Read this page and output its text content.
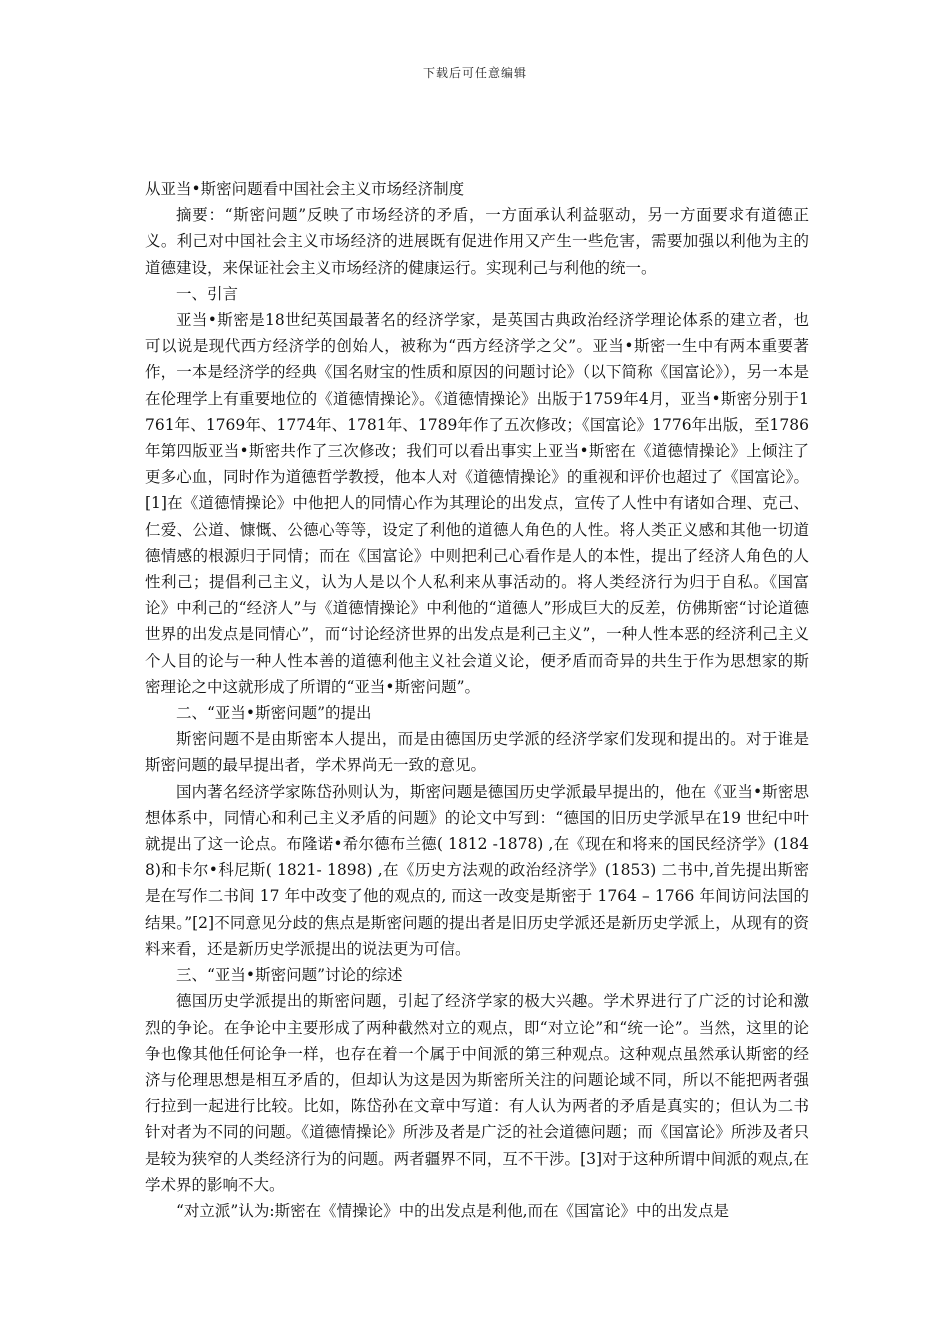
下载后可任意编辑

从亚当•斯密问题看中国社会主义市场经济制度

摘要：“斯密问题”反映了市场经济的矛盾，一方面承认利益驱动，另一方面要求有道德正义。利己对中国社会主义市场经济的进展既有促进作用又产生一些危害，需要加强以利他为主的道德建设，来保证社会主义市场经济的健康运行。实现利己与利他的统一。

一、引言

亚当•斯密是18世纪英国最著名的经济学家，是英国古典政治经济学理论体系的建立者，也可以说是现代西方经济学的创始人，被称为“西方经济学之父”。亚当•斯密一生中有两本重要著作，一本是经济学的经典《国名财宝的性质和原因的问题讨论》（以下简称《国富论》），另一本是在伦理学上有重要地位的《道德情操论》。《道德情操论》出版于1759年4月，亚当•斯密分别于1761年、1769年、1774年、1781年、1789年作了五次修改；《国富论》1776年出版，至1786年第四版亚当•斯密共作了三次修改；我们可以看出事实上亚当•斯密在《道德情操论》上倾注了更多心血，同时作为道德哲学教授，他本人对《道德情操论》的重视和评价也超过了《国富论》。[1]在《道德情操论》中他把人的同情心作为其理论的出发点，宣传了人性中有诸如合理、克己、仁爱、公道、慷慨、公德心等等，设定了利他的道德人角色的人性。将人类正义感和其他一切道德情感的根源归于同情；而在《国富论》中则把利己心看作是人的本性，提出了经济人角色的人性利己；提倡利己主义，认为人是以个人私利来从事活动的。将人类经济行为归于自私。《国富论》中利己的“经济人”与《道德情操论》中利他的“道德人”形成巨大的反差，仿佛斯密“讨论道德世界的出发点是同情心”，而“讨论经济世界的出发点是利己主义”，一种人性本恶的经济利己主义个人目的论与一种人性本善的道德利他主义社会道义论，便矛盾而奇异的共生于作为思想家的斯密理论之中这就形成了所谓的“亚当•斯密问题”。

二、“亚当•斯密问题”的提出

斯密问题不是由斯密本人提出，而是由德国历史学派的经济学家们发现和提出的。对于谁是斯密问题的最早提出者，学术界尚无一致的意见。

国内著名经济学家陈岱孙则认为，斯密问题是德国历史学派最早提出的，他在《亚当•斯密思想体系中，同情心和利己主义矛盾的问题》的论文中写到：“德国的旧历史学派早在19 世纪中叶就提出了这一论点。布隆诺•希尔德布兰德( 1812 -1878) ,在《现在和将来的国民经济学》(1848)和卡尔•科尼斯( 1821- 1898) ,在《历史方法观的政治经济学》(1853) 二书中,首先提出斯密是在写作二书间 17 年中改变了他的观点的, 而这一改变是斯密于 1764 – 1766 年间访问法国的结果。”[2]不同意见分歧的焦点是斯密问题的提出者是旧历史学派还是新历史学派上，从现有的资料来看，还是新历史学派提出的说法更为可信。

三、“亚当•斯密问题”讨论的综述

德国历史学派提出的斯密问题，引起了经济学家的极大兴趣。学术界进行了广泛的讨论和激烈的争论。在争论中主要形成了两种截然对立的观点，即“对立论”和“统一论”。当然，这里的论争也像其他任何论争一样，也存在着一个属于中间派的第三种观点。这种观点虽然承认斯密的经济与伦理思想是相互矛盾的，但却认为这是因为斯密所关注的问题论域不同，所以不能把两者强行拉到一起进行比较。比如，陈岱孙在文章中写道：有人认为两者的矛盾是真实的；但认为二书针对者为不同的问题。《道德情操论》所涉及者是广泛的社会道德问题；而《国富论》所涉及者只是较为狭窄的人类经济行为的问题。两者疆界不同，互不干涉。[3]对于这种所谓中间派的观点,在学术界的影响不大。

“对立派”认为:斯密在《情操论》中的出发点是利他,而在《国富论》中的出发点是
